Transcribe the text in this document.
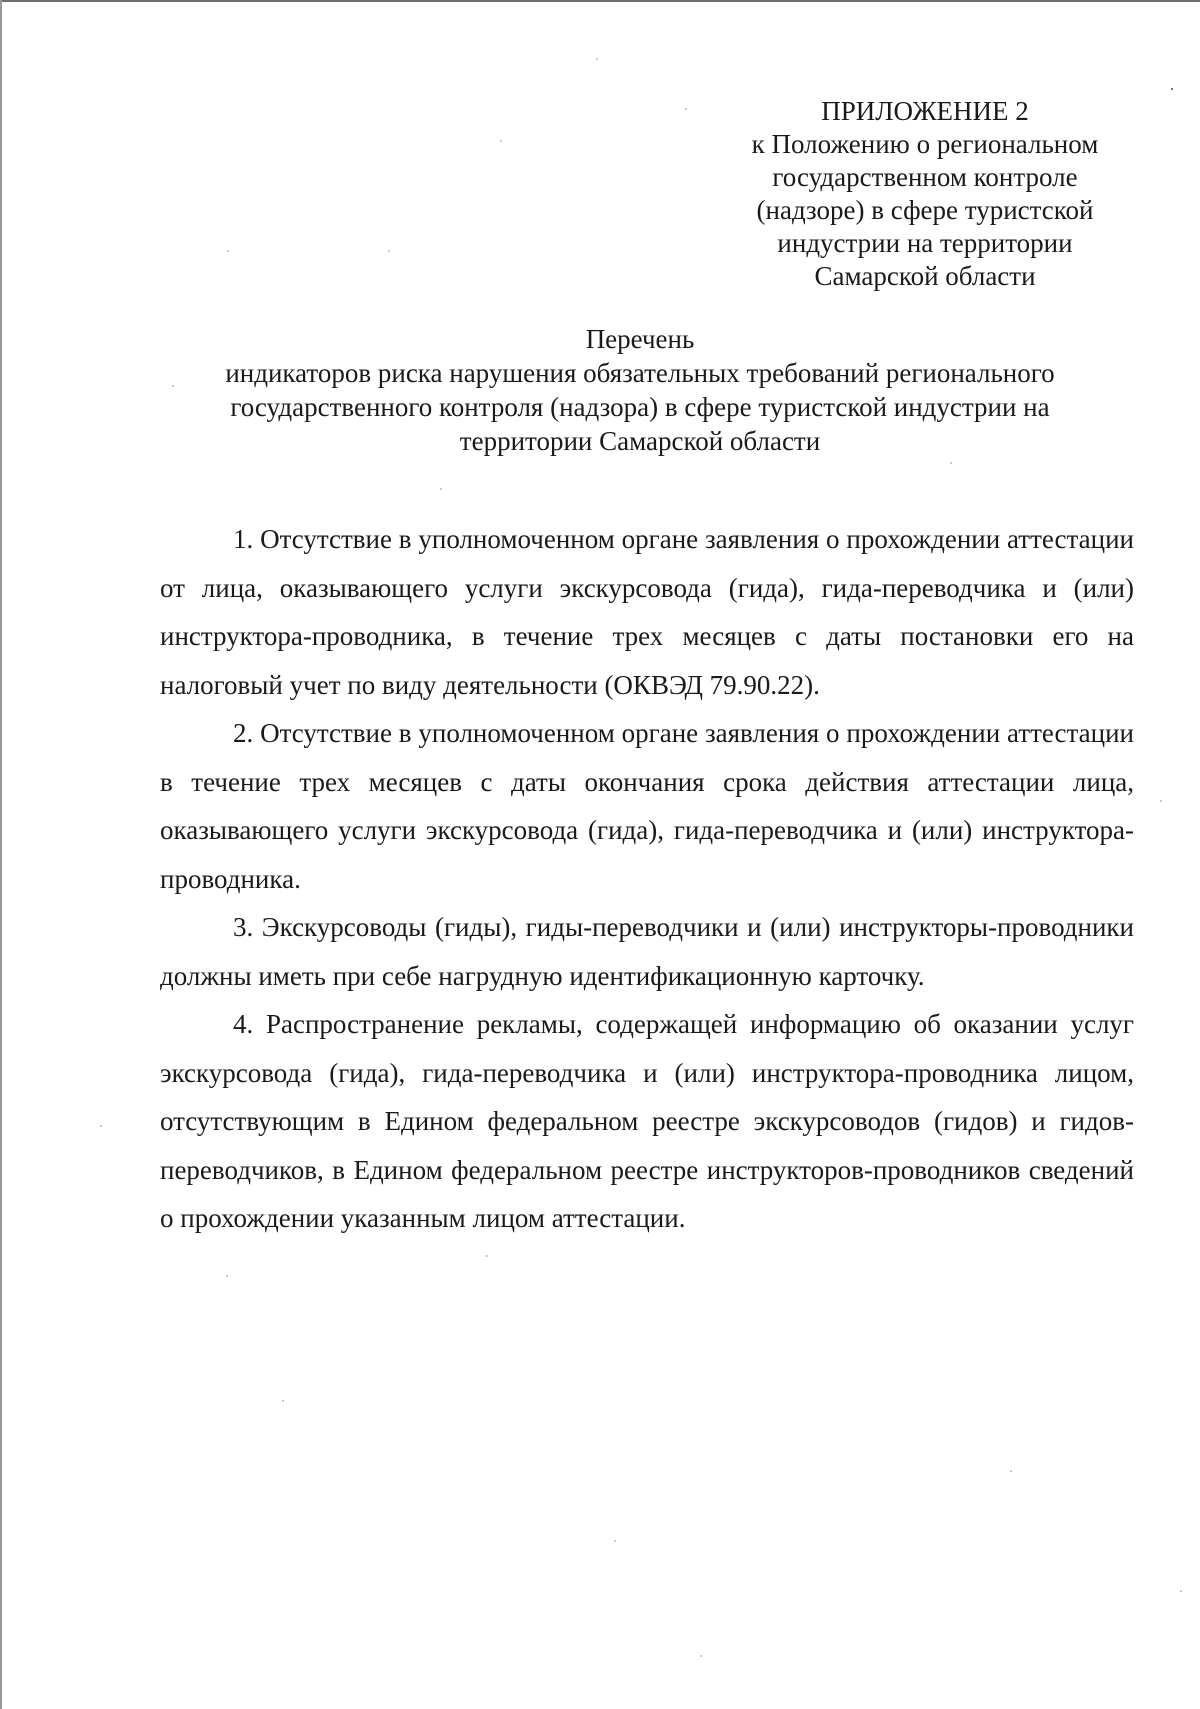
ПРИЛОЖЕНИЕ 2
к Положению о региональном
государственном контроле
(надзоре) в сфере туристской
индустрии на территории
Самарской области
Перечень
индикаторов риска нарушения обязательных требований регионального
государственного контроля (надзора) в сфере туристской индустрии на
территории Самарской области

1. Отсутствие в уполномоченном органе заявления о прохождении аттестации от лица, оказывающего услуги экскурсовода (гида), гида-переводчика и (или) инструктора-проводника, в течение трех месяцев с даты постановки его на налоговый учет по виду деятельности (ОКВЭД 79.90.22).

2. Отсутствие в уполномоченном органе заявления о прохождении аттестации в течение трех месяцев с даты окончания срока действия аттестации лица, оказывающего услуги экскурсовода (гида), гида-переводчика и (или) инструктора-проводника.

3. Экскурсоводы (гиды), гиды-переводчики и (или) инструкторы-проводники должны иметь при себе нагрудную идентификационную карточку.

4. Распространение рекламы, содержащей информацию об оказании услуг экскурсовода (гида), гида-переводчика и (или) инструктора-проводника лицом, отсутствующим в Едином федеральном реестре экскурсоводов (гидов) и гидов-переводчиков, в Едином федеральном реестре инструкторов-проводников сведений о прохождении указанным лицом аттестации.
